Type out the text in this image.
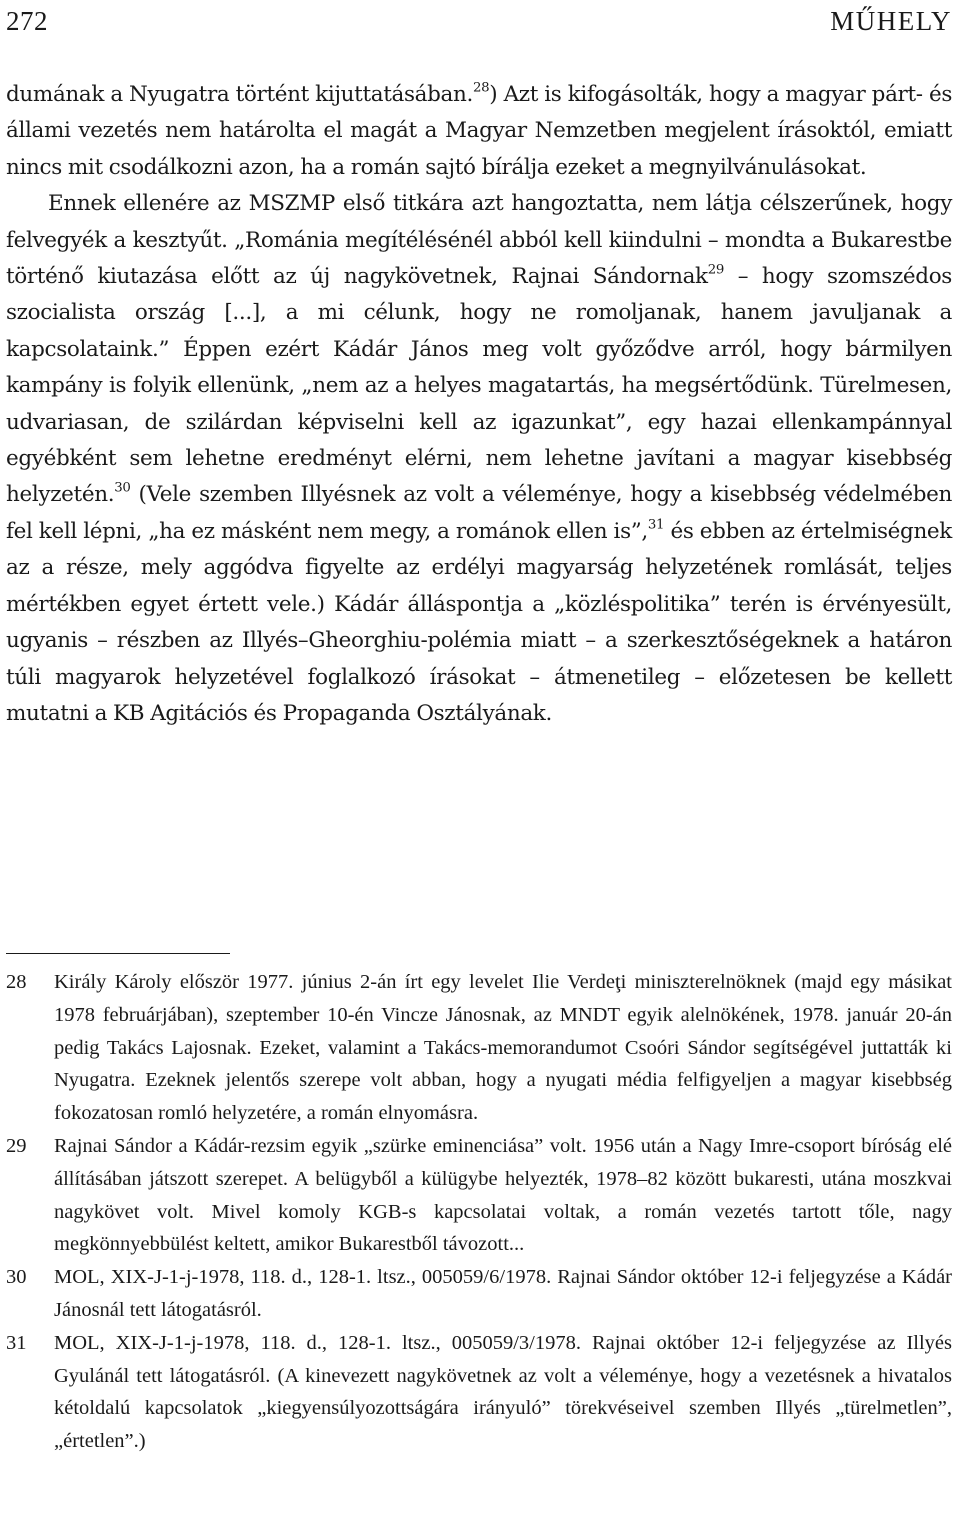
272	MŰHELY

dumának a Nyugatra történt kijuttatásában.$^{28}$) Azt is kifogásolták, hogy a magyar párt- és állami vezetés nem határolta el magát a Magyar Nemzetben megjelent írásoktól, emiatt nincs mit csodálkozni azon, ha a román sajtó bírálja ezeket a megnyilvánulásokat.

Ennek ellenére az MSZMP első titkára azt hangoztatta, nem látja célszerűnek, hogy felvegyék a kesztyűt. „Románia megítélésénél abból kell kiindulni – mondta a Bukarestbe történő kiutazása előtt az új nagykövetnek, Rajnai Sándornak$^{29}$ – hogy szomszédos szocialista ország [...], a mi célunk, hogy ne romoljanak, hanem javuljanak a kapcsolataink.” Éppen ezért Kádár János meg volt győződve arról, hogy bármilyen kampány is folyik ellenünk, „nem az a helyes magatartás, ha megsértődünk. Türelmesen, udvariasan, de szilárdan képviselni kell az igazunkat”, egy hazai ellenkampánnyal egyébként sem lehetne eredményt elérni, nem lehetne javítani a magyar kisebbség helyzetén.$^{30}$ (Vele szemben Illyésnek az volt a véleménye, hogy a kisebbség védelmében fel kell lépni, „ha ez másként nem megy, a románok ellen is”,$^{31}$ és ebben az értelmiségnek az a része, mely aggódva figyelte az erdélyi magyarság helyzetének romlását, teljes mértékben egyet értett vele.) Kádár álláspontja a „közléspolitika” terén is érvényesült, ugyanis – részben az Illyés–Gheorghiu-polémia miatt – a szerkesztőségeknek a határon túli magyarok helyzetével foglalkozó írásokat – átmenetileg – előzetesen be kellett mutatni a KB Agitációs és Propaganda Osztályának.

28	Király Károly először 1977. június 2-án írt egy levelet Ilie Verdeţi miniszterelnöknek (majd egy másikat 1978 februárjában), szeptember 10-én Vincze Jánosnak, az MNDT egyik alelnökének, 1978. január 20-án pedig Takács Lajosnak. Ezeket, valamint a Takács-memorandumot Csoóri Sándor segítségével juttatták ki Nyugatra. Ezeknek jelentős szerepe volt abban, hogy a nyugati média felfigyeljen a magyar kisebbség fokozatosan romló helyzetére, a román elnyomásra.
29	Rajnai Sándor a Kádár-rezsim egyik „szürke eminenciása” volt. 1956 után a Nagy Imre-csoport bíróság elé állításában játszott szerepet. A belügyből a külügybe helyezték, 1978–82 között bukaresti, utána moszkvai nagykövet volt. Mivel komoly KGB-s kapcsolatai voltak, a román vezetés tartott tőle, nagy megkönnyebbülést keltett, amikor Bukarestből távozott...
30	MOL, XIX-J-1-j-1978, 118. d., 128-1. ltsz., 005059/6/1978. Rajnai Sándor október 12-i feljegyzése a Kádár Jánosnál tett látogatásról.
31	MOL, XIX-J-1-j-1978, 118. d., 128-1. ltsz., 005059/3/1978. Rajnai október 12-i feljegyzése az Illyés Gyulánál tett látogatásról. (A kinevezett nagykövetnek az volt a véleménye, hogy a vezetésnek a hivatalos kétoldalú kapcsolatok „kiegyensúlyozottságára irányuló” törekvéseivel szemben Illyés „türelmetlen”, „értetlen”.)
